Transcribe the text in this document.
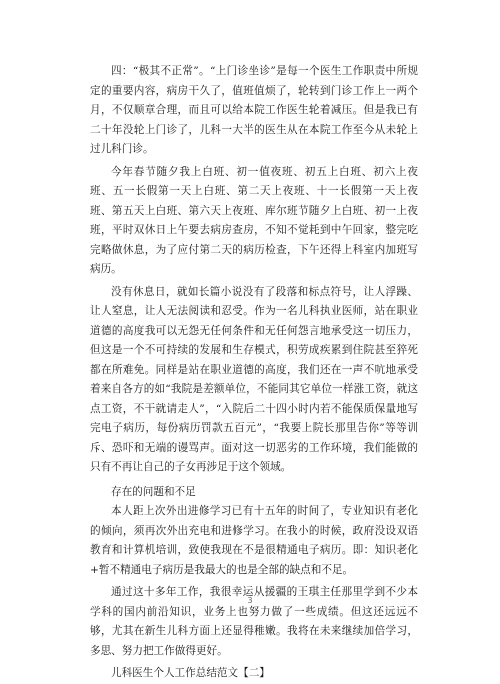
四：“极其不正常”。“上门诊坐诊”是每一个医生工作职责中所规定的重要内容，病房干久了，值班值烦了，轮转到门诊工作上一两个月，不仅顺章合理，而且可以给本院工作医生轮着减压。但是我已有二十年没轮上门诊了，儿科一大半的医生从在本院工作至今从未轮上过儿科门诊。

今年春节随夕我上白班、初一值夜班、初五上白班、初六上夜班、五一长假第一天上白班、第二天上夜班、十一长假第一天上夜班、第五天上白班、第六天上夜班、库尔班节随夕上白班、初一上夜班，平时双休日上午要去病房查房，不知不觉耗到中午回家，整完吃完略做休息，为了应付第二天的病历检查，下午还得上科室内加班写病历。

没有休息日，就如长篇小说没有了段落和标点符号，让人浮躁、让人窒息，让人无法阅读和忍受。作为一名儿科执业医师，站在职业道德的高度我可以无怨无任何条件和无任何怨言地承受这一切压力，但这是一个不可持续的发展和生存模式，积劳成疾累到住院甚至猝死都在所难免。同样是站在职业道德的高度，我们还在一声不吭地承受着来自各方的如“我院是差额单位，不能同其它单位一样涨工资，就这点工资，不干就请走人”，“入院后二十四小时内若不能保质保量地写完电子病历，每份病历罚款五百元”，“我要上院长那里告你”等等训斥、恐吓和无端的谩骂声。面对这一切恶劣的工作环境，我们能做的只有不再让自己的子女再涉足于这个领域。

存在的问题和不足

本人距上次外出进修学习已有十五年的时间了，专业知识有老化的倾向，须再次外出充电和进修学习。在我小的时候，政府没设双语教育和计算机培训，致使我现在不是很精通电子病历。即：知识老化+暂不精通电子病历是我最大的也是全部的缺点和不足。

通过这十多年工作，我很幸运从援疆的王琪主任那里学到不少本学科的国内前沿知识，业务上也努力做了一些成绩。但这还远远不够，尤其在新生儿科方面上还显得稚嫩。我将在未来继续加倍学习，多思、努力把工作做得更好。

儿科医生个人工作总结范文【二】

3
